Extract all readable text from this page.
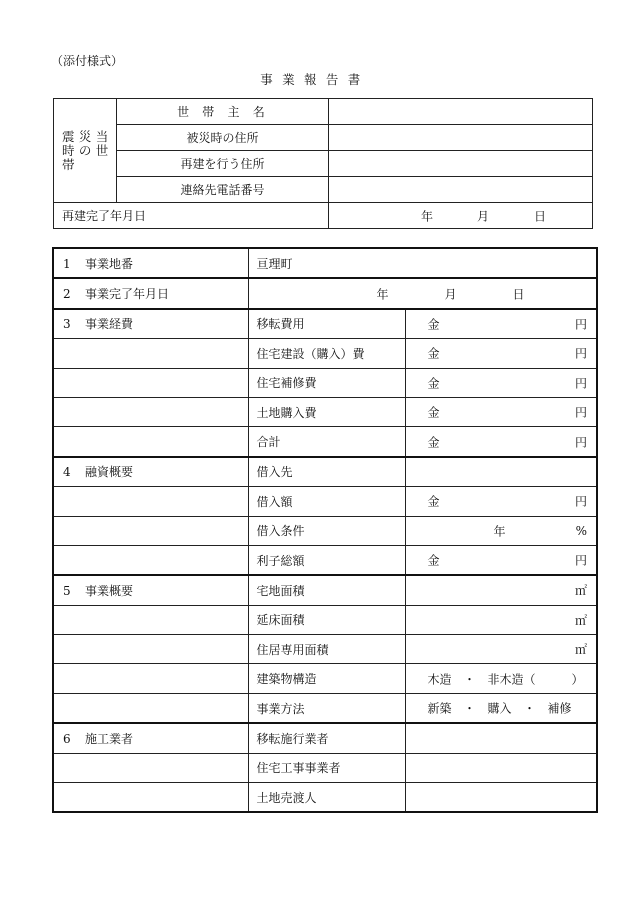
（添付様式）
事業報告書
震災当
時の世
帯	世帯主名	
	被災時の住所	
	再建を行う住所	
	連絡先電話番号	
再建完了年月日		年 月 日
1 事業地番	亘理町	
2 事業完了年月日	年 月 日	

3 事業経費	移転費用	金 円

	住宅建設（購入）費	金 円

	住宅補修費	金 円

	土地購入費	金 円

	合計	金 円

4 融資概要	借入先	
	借入額	金 円

	借入条件	年 %

	利子総額	金 円

5 事業概要	宅地面積	㎡

	延床面積	㎡

	住居専用面積	㎡

	建築物構造	木造　・　非木造（　　　）

	事業方法	新築　・　購入　・　補修

6 施工業者	移転施行業者	
	住宅工事事業者	
	土地売渡人	
